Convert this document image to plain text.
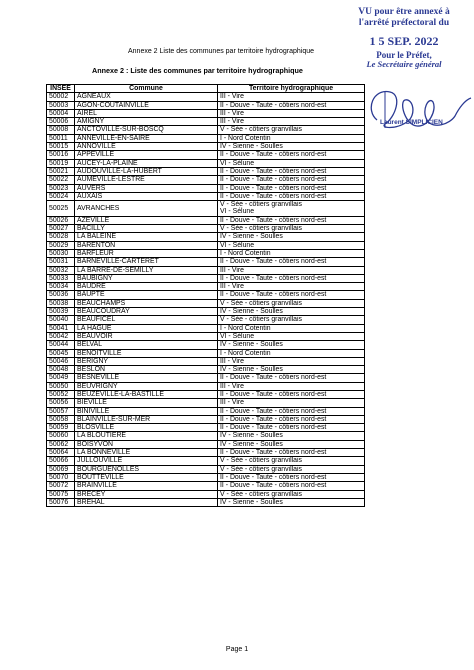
VU pour être annexé à
l'arrêté préfectoral du
1 5 SEP. 2022
Pour le Préfet,
Le Secrétaire général
Laurent SIMPLICIEN
Annexe 2 Liste des communes par territoire hydrographique
Annexe 2 : Liste des communes par territoire hydrographique
INSEE	Commune	Territoire hydrographique
50002	AGNEAUX	III - Vire
50003	AGON-COUTAINVILLE	II - Douve - Taute - côtiers nord-est
50004	AIREL	III - Vire
50006	AMIGNY	III - Vire
50008	ANCTOVILLE-SUR-BOSCQ	V - Sée - côtiers granvillais
50011	ANNEVILLE-EN-SAIRE	I - Nord Cotentin
50015	ANNOVILLE	IV - Sienne - Soulles
50016	APPEVILLE	II - Douve - Taute - côtiers nord-est
50019	AUCEY-LA-PLAINE	VI - Sélune
50021	AUDOUVILLE-LA-HUBERT	II - Douve - Taute - côtiers nord-est
50022	AUMEVILLE-LESTRE	II - Douve - Taute - côtiers nord-est
50023	AUVERS	II - Douve - Taute - côtiers nord-est
50024	AUXAIS	II - Douve - Taute - côtiers nord-est
50025	AVRANCHES	V - Sée - côtiers granvillais
VI - Sélune

50026	AZEVILLE	II - Douve - Taute - côtiers nord-est
50027	BACILLY	V - Sée - côtiers granvillais
50028	LA BALEINE	IV - Sienne - Soulles
50029	BARENTON	VI - Sélune
50030	BARFLEUR	I - Nord Cotentin
50031	BARNEVILLE-CARTERET	II - Douve - Taute - côtiers nord-est
50032	LA BARRE-DE-SEMILLY	III - Vire
50033	BAUBIGNY	II - Douve - Taute - côtiers nord-est
50034	BAUDRE	III - Vire
50036	BAUPTE	II - Douve - Taute - côtiers nord-est
50038	BEAUCHAMPS	V - Sée - côtiers granvillais
50039	BEAUCOUDRAY	IV - Sienne - Soulles
50040	BEAUFICEL	V - Sée - côtiers granvillais
50041	LA HAGUE	I - Nord Cotentin
50042	BEAUVOIR	VI - Sélune
50044	BELVAL	IV - Sienne - Soulles
50045	BENOITVILLE	I - Nord Cotentin
50046	BERIGNY	III - Vire
50048	BESLON	IV - Sienne - Soulles
50049	BESNEVILLE	II - Douve - Taute - côtiers nord-est
50050	BEUVRIGNY	III - Vire
50052	BEUZEVILLE-LA-BASTILLE	II - Douve - Taute - côtiers nord-est
50056	BIEVILLE	III - Vire
50057	BINIVILLE	II - Douve - Taute - côtiers nord-est
50058	BLAINVILLE-SUR-MER	II - Douve - Taute - côtiers nord-est
50059	BLOSVILLE	II - Douve - Taute - côtiers nord-est
50060	LA BLOUTIERE	IV - Sienne - Soulles
50062	BOISYVON	IV - Sienne - Soulles
50064	LA BONNEVILLE	II - Douve - Taute - côtiers nord-est
50066	JULLOUVILLE	V - Sée - côtiers granvillais
50069	BOURGUENOLLES	V - Sée - côtiers granvillais
50070	BOUTTEVILLE	II - Douve - Taute - côtiers nord-est
50072	BRAINVILLE	II - Douve - Taute - côtiers nord-est
50075	BRECEY	V - Sée - côtiers granvillais
50076	BREHAL	IV - Sienne - Soulles
Page 1
